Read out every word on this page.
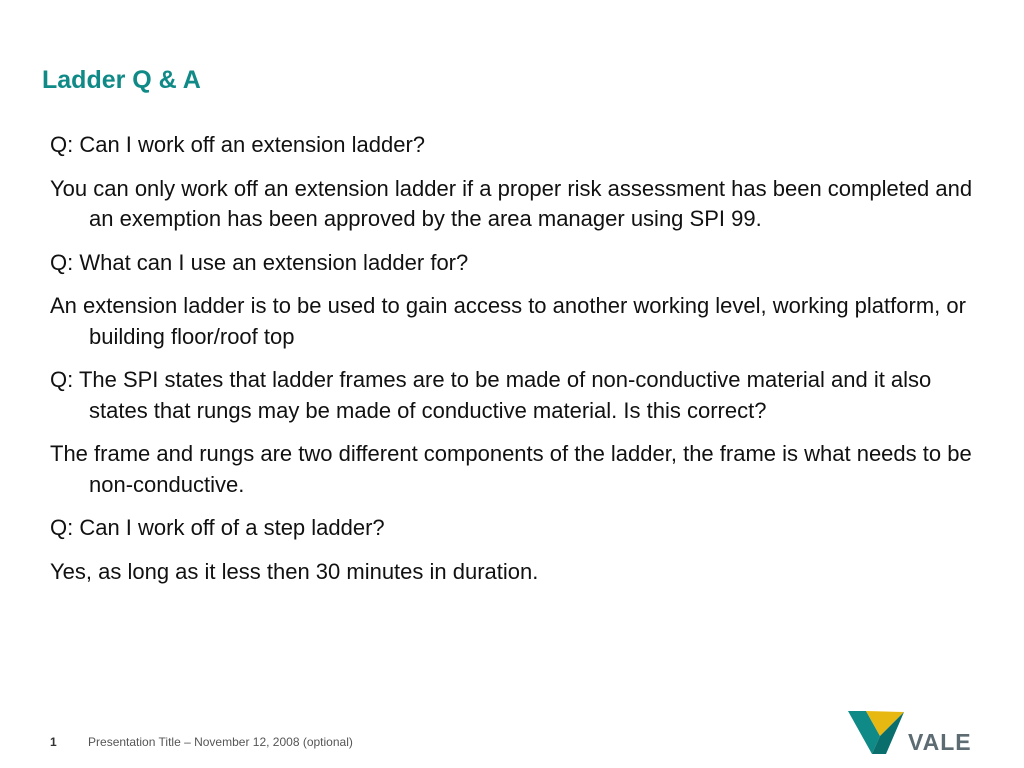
Ladder Q & A

Q: Can I work off an extension ladder?

You can only work off an extension ladder if a proper risk assessment has been completed and an exemption has been approved by the area manager using SPI 99.

Q: What can I use an extension ladder for?

An extension ladder is to be used to gain access to another working level, working platform, or building floor/roof top

Q: The SPI states that ladder frames are to be made of non-conductive material and it also states that rungs may be made of conductive material. Is this correct?

The frame and rungs are two different components of the ladder, the frame is what needs to be non-conductive.

Q: Can I work off of a step ladder?

Yes, as long as it less then 30 minutes in duration.

1	Presentation Title – November 12, 2008 (optional)	VALE
